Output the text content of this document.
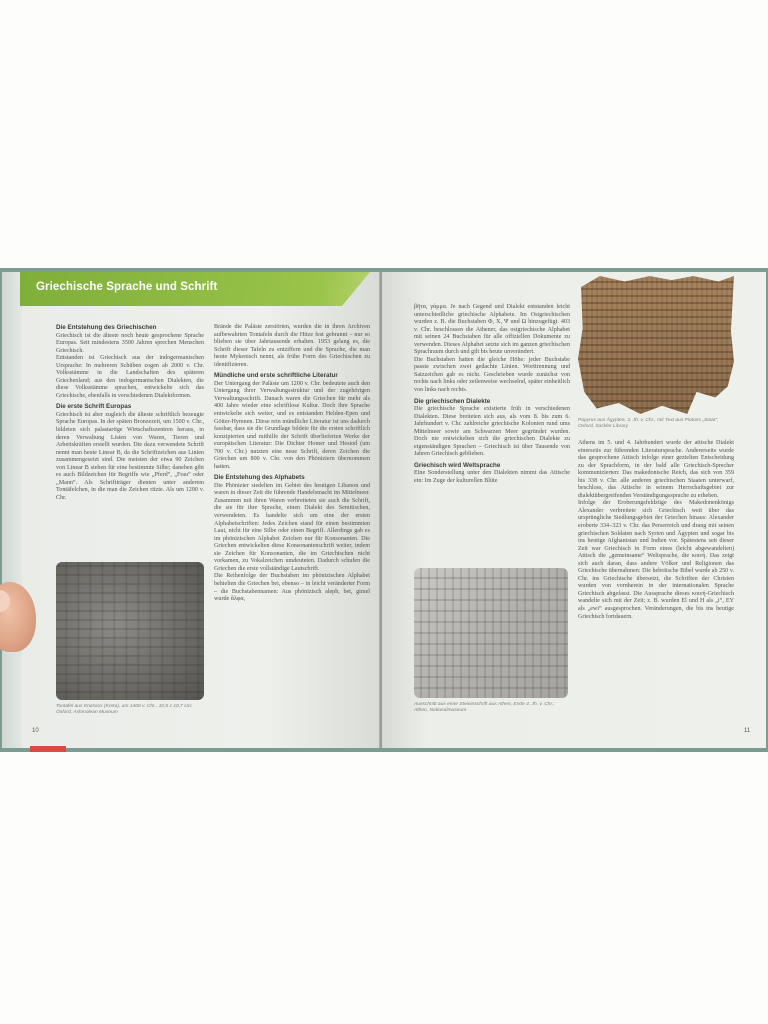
Griechische Sprache und Schrift
Die Entstehung des Griechischen

Griechisch ist die älteste noch heute gesprochene Sprache Europas. Seit mindestens 3500 Jahren sprechen Menschen Griechisch.

Entstanden ist Griechisch aus der indogermanischen Ursprache: In mehreren Schüben zogen ab 2000 v. Chr. Volksstämme in die Landschaften des späteren Griechenland; aus den indogermanischen Dialekten, die diese Volksstämme sprachen, entwickelte sich das Griechische, ebenfalls in verschiedenen Dialektformen.

Die erste Schrift Europas

Griechisch ist aber zugleich die älteste schriftlich bezeugte Sprache Europas. In der späten Bronzezeit, um 1500 v. Chr., bildeten sich palastartige Wirtschaftszentren heraus, in deren Verwaltung Listen von Waren, Tieren und Arbeitskräften erstellt wurden. Die dazu verwendete Schrift nennt man heute Linear B, da die Schriftzeichen aus Linien zusammengesetzt sind. Die meisten der etwa 90 Zeichen von Linear B stehen für eine bestimmte Silbe; daneben gibt es auch Bildzeichen für Begriffe wie „Pferd“, „Frau“ oder „Mann“. Als Schriftträger dienten unter anderem Tontäfelchen, in die man die Zeichen ritzte. Als um 1200 v. Chr.

Tontafel aus Knossos (Kreta), um 1400 v. Chr., 10,5 x 10,7 cm; Oxford, Ashmolean Museum

Brände die Paläste zerstörten, wurden die in ihren Archiven aufbewahrten Tontafeln durch die Hitze fest gebrannt – nur so blieben sie über Jahrtausende erhalten. 1953 gelang es, die Schrift dieser Tafeln zu entziffern und die Sprache, die man heute Mykenisch nennt, als frühe Form des Griechischen zu identifizieren.

Mündliche und erste schriftliche Literatur

Der Untergang der Paläste um 1200 v. Chr. bedeutete auch den Untergang ihrer Verwaltungsstruktur und der zugehörigen Verwaltungsschrift. Danach waren die Griechen für mehr als 400 Jahre wieder eine schriftlose Kultur. Doch ihre Sprache entwickelte sich weiter, und es entstanden Helden-Epen und Götter-Hymnen. Diese rein mündliche Literatur ist uns dadurch fassbar, dass sie die Grundlage bildete für die ersten schriftlich konzipierten und mithilfe der Schrift überlieferten Werke der europäischen Literatur: Die Dichter Homer und Hesiod (um 700 v. Chr.) nutzten eine neue Schrift, deren Zeichen die Griechen um 800 v. Chr. von den Phöniziern übernommen hatten.

Die Entstehung des Alphabets

Die Phönizier siedelten im Gebiet des heutigen Libanon und waren in dieser Zeit die führende Handelsmacht im Mittelmeer. Zusammen mit ihren Waren verbreiteten sie auch die Schrift, die sie für ihre Sprache, einen Dialekt des Semitischen, verwendeten. Es handelte sich um eine der ersten Alphabetschriften: Jedes Zeichen stand für einen bestimmten Laut, nicht für eine Silbe oder einen Begriff. Allerdings gab es im phönizischen Alphabet Zeichen nur für Konsonanten. Die Griechen entwickelten diese Konsonantenschrift weiter, indem sie Zeichen für Konsonanten, die im Griechischen nicht vorkamen, zu Vokalzeichen umdeuteten. Dadurch schufen die Griechen die erste vollständige Lautschrift.

Die Reihenfolge der Buchstaben im phönizischen Alphabet behielten die Griechen bei, ebenso – in leicht veränderter Form – die Buchstabennamen: Aus phönizisch aleph, bet, gimel wurde ἄλφα,

10

βῆτα, γάμμα. Je nach Gegend und Dialekt entstanden leicht unterschiedliche griechische Alphabete. Im Ostgriechischen wurden z. B. die Buchstaben Φ, Χ, Ψ und Ω hinzugefügt. 403 v. Chr. beschlossen die Athener, das ostgriechische Alphabet mit seinen 24 Buchstaben für alle offiziellen Dokumente zu verwenden. Dieses Alphabet setzte sich im ganzen griechischen Sprachraum durch und gilt bis heute unverändert.

Die Buchstaben hatten die gleiche Höhe: jeder Buchstabe passte zwischen zwei gedachte Linien. Worttrennung und Satzzeichen gab es nicht. Geschrieben wurde zunächst von rechts nach links oder zeilenweise wechselnd, später einheitlich von links nach rechts.

Die griechischen Dialekte

Die griechische Sprache existierte früh in verschiedenen Dialekten. Diese breiteten sich aus, als vom 8. bis zum 6. Jahrhundert v. Chr. zahlreiche griechische Kolonien rund ums Mittelmeer sowie am Schwarzen Meer gegründet wurden. Doch nie entwickelten sich die griechischen Dialekte zu eigenständigen Sprachen – Griechisch ist über Tausende von Jahren Griechisch geblieben.

Griechisch wird Weltsprache

Eine Sonderstellung unter den Dialekten nimmt das Attische ein: Im Zuge der kulturellen Blüte

Ausschnitt aus einer Steininschrift aus Athen, Ende 4. Jh. v. Chr.; Athen, Nationalmuseum
Papyrus aus Ägypten, 3. Jh. v. Chr., mit Text aus Platons „Staat“; Oxford, Sackler Library

Athens im 5. und 4. Jahrhundert wurde der attische Dialekt einerseits zur führenden Literatursprache. Andererseits wurde das gesprochene Attisch infolge einer gezielten Entscheidung zu der Sprachform, in der bald alle Griechisch-Sprecher kommunizierten: Das makedonische Reich, das sich von 359 bis 338 v. Chr. alle anderen griechischen Staaten unterwarf, beschloss, das Attische in seinem Herrschaftsgebiet zur dialektübergreifenden Verständigungssprache zu erheben.

Infolge der Eroberungsfeldzüge des Makedonenkönigs Alexander verbreitete sich Griechisch weit über das ursprüngliche Siedlungsgebiet der Griechen hinaus: Alexander eroberte 334–323 v. Chr. das Perserreich und drang mit seinen griechischen Soldaten nach Syrien und Ägypten und sogar bis ins heutige Afghanistan und Indien vor. Spätestens seit dieser Zeit war Griechisch in Form eines (leicht abgewandelten) Attisch die „gemeinsame“ Weltsprache, die κοινή. Das zeigt sich auch daran, dass andere Völker und Religionen das Griechische übernahmen: Die hebräische Bibel wurde ab 250 v. Chr. ins Griechische übersetzt, die Schriften der Christen wurden von vornherein in der internationalen Sprache Griechisch abgefasst. Die Aussprache dieses κοινή-Griechisch wandelte sich mit der Zeit; z. B. wurden El und H als „i“, ΕΥ als „ewi“ ausgesprochen. Veränderungen, die bis ins heutige Griechisch fortdauern.

11
